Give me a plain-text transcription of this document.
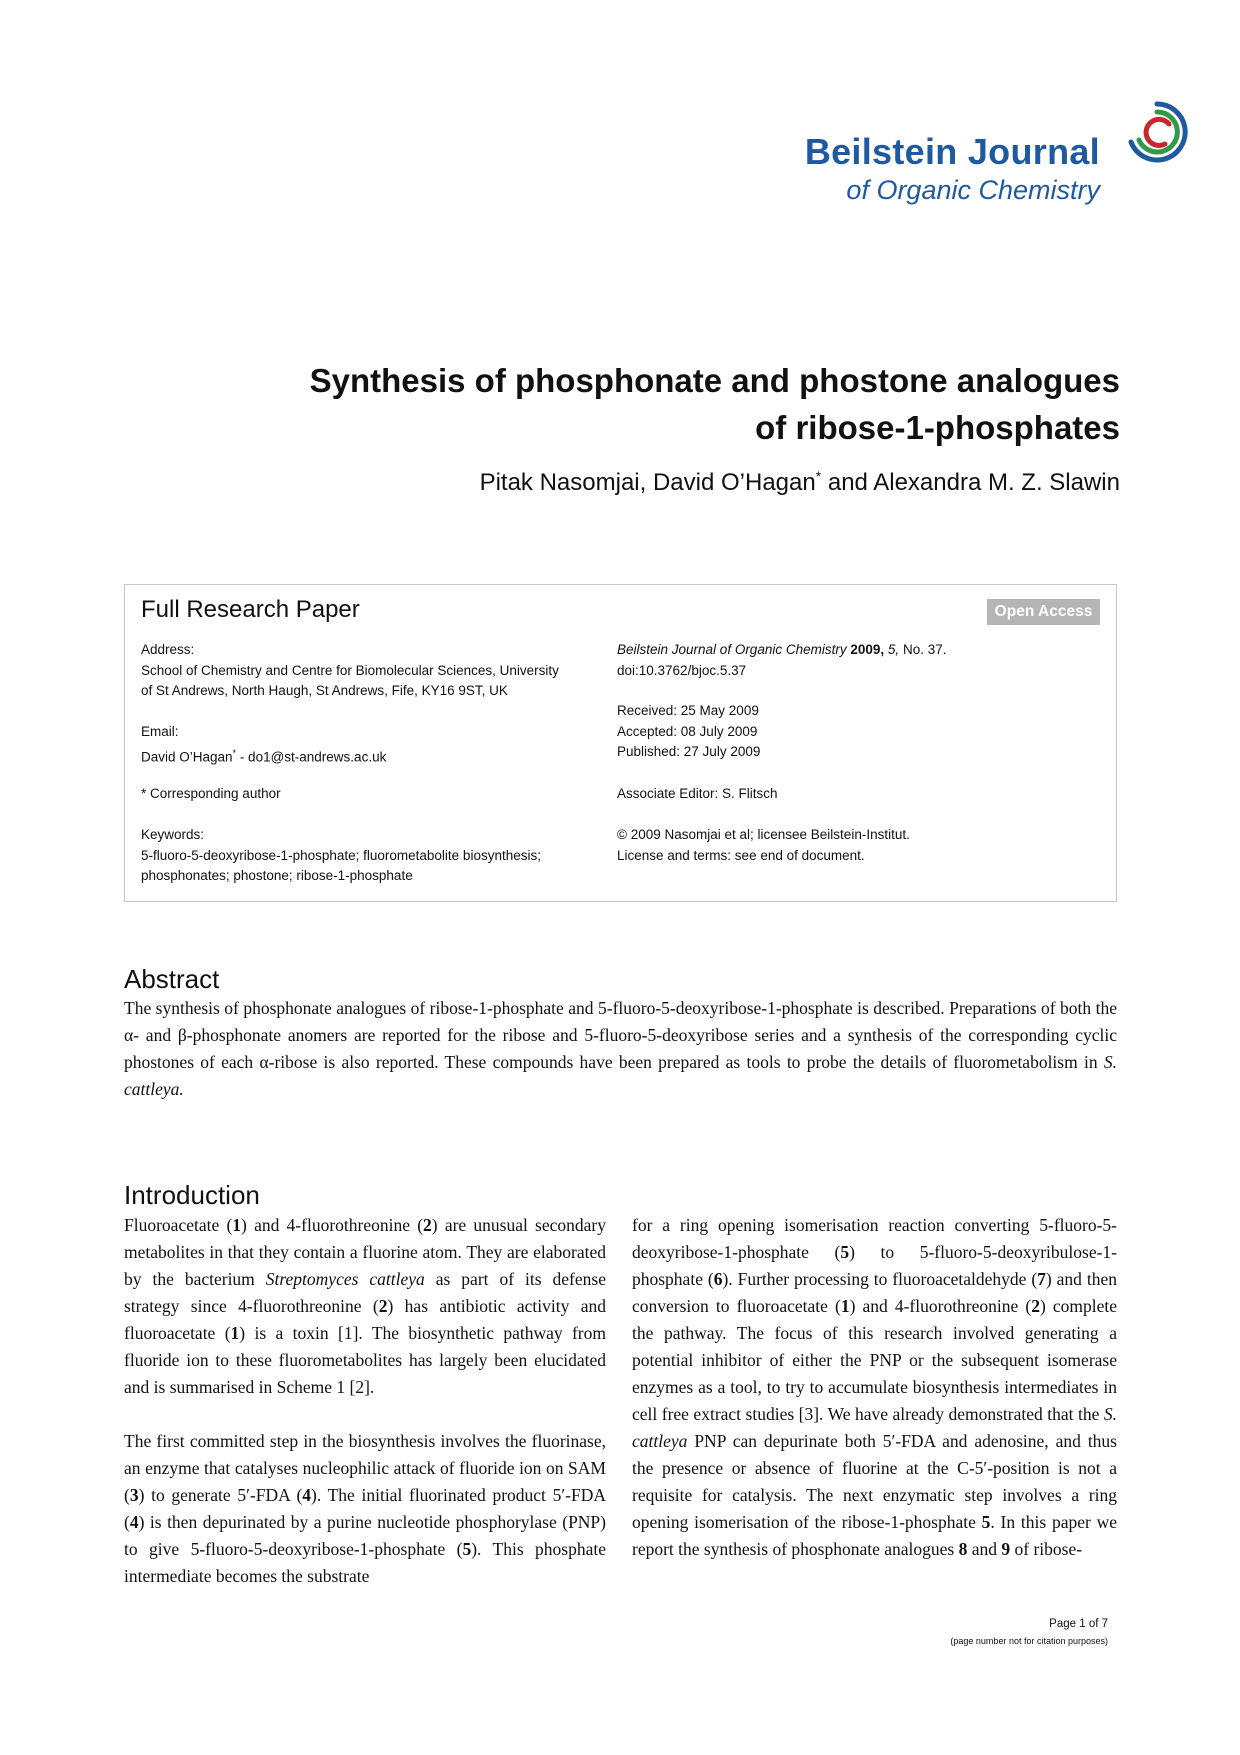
Beilstein Journal
of Organic Chemistry
Synthesis of phosphonate and phostone analogues
of ribose-1-phosphates
Pitak Nasomjai, David O’Hagan* and Alexandra M. Z. Slawin
Full Research Paper	Open Access
Address:
School of Chemistry and Centre for Biomolecular Sciences, University
of St Andrews, North Haugh, St Andrews, Fife, KY16 9ST, UK
Email:
David O’Hagan* - do1@st-andrews.ac.uk
* Corresponding author
Keywords:
5-fluoro-5-deoxyribose-1-phosphate; fluorometabolite biosynthesis;
phosphonates; phostone; ribose-1-phosphate
Beilstein Journal of Organic Chemistry 2009, 5, No. 37.
doi:10.3762/bjoc.5.37
Received: 25 May 2009
Accepted: 08 July 2009
Published: 27 July 2009
Associate Editor: S. Flitsch
© 2009 Nasomjai et al; licensee Beilstein-Institut.
License and terms: see end of document.
Abstract
The synthesis of phosphonate analogues of ribose-1-phosphate and 5-fluoro-5-deoxyribose-1-phosphate is described. Preparations of both the α- and β-phosphonate anomers are reported for the ribose and 5-fluoro-5-deoxyribose series and a synthesis of the corresponding cyclic phostones of each α-ribose is also reported. These compounds have been prepared as tools to probe the details of fluorometabolism in S. cattleya.
Introduction

Fluoroacetate (1) and 4-fluorothreonine (2) are unusual secondary metabolites in that they contain a fluorine atom. They are elaborated by the bacterium Streptomyces cattleya as part of its defense strategy since 4-fluorothreonine (2) has antibiotic activity and fluoroacetate (1) is a toxin [1]. The biosynthetic pathway from fluoride ion to these fluorometabolites has largely been elucidated and is summarised in Scheme 1 [2].

The first committed step in the biosynthesis involves the fluorinase, an enzyme that catalyses nucleophilic attack of fluoride ion on SAM (3) to generate 5′-FDA (4). The initial fluorinated product 5′-FDA (4) is then depurinated by a purine nucleotide phosphorylase (PNP) to give 5-fluoro-5-deoxyribose-1-phosphate (5). This phosphate intermediate becomes the substrate

for a ring opening isomerisation reaction converting 5-fluoro-5-deoxyribose-1-phosphate (5) to 5-fluoro-5-deoxyribulose-1-phosphate (6). Further processing to fluoroacetaldehyde (7) and then conversion to fluoroacetate (1) and 4-fluorothreonine (2) complete the pathway. The focus of this research involved generating a potential inhibitor of either the PNP or the subsequent isomerase enzymes as a tool, to try to accumulate biosynthesis intermediates in cell free extract studies [3]. We have already demonstrated that the S. cattleya PNP can depurinate both 5′-FDA and adenosine, and thus the presence or absence of fluorine at the C-5′-position is not a requisite for catalysis. The next enzymatic step involves a ring opening isomerisation of the ribose-1-phosphate 5. In this paper we report the synthesis of phosphonate analogues 8 and 9 of ribose-

Page 1 of 7
(page number not for citation purposes)
